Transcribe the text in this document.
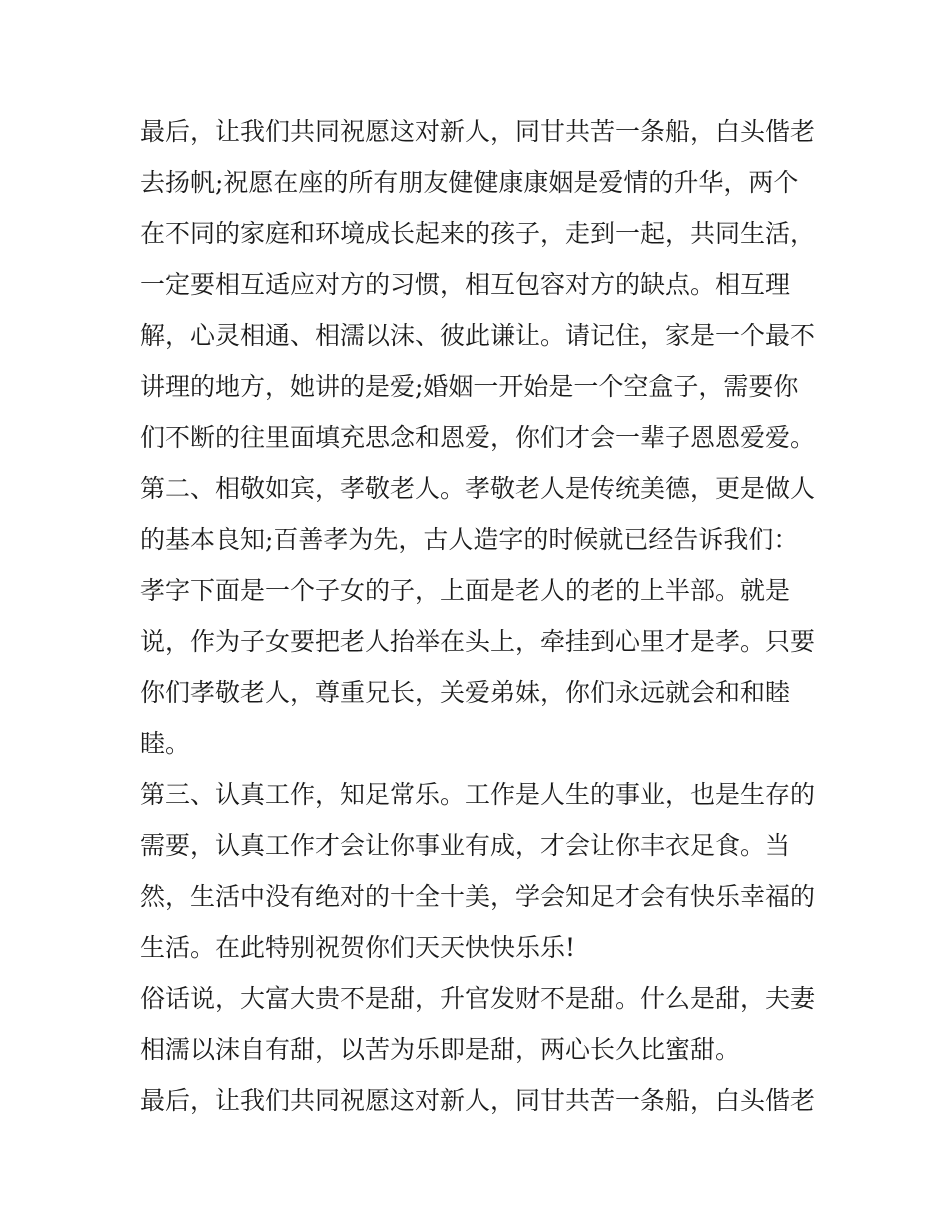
最后，让我们共同祝愿这对新人，同甘共苦一条船，白头偕老
去扬帆;祝愿在座的所有朋友健健康康姻是爱情的升华，两个
在不同的家庭和环境成长起来的孩子，走到一起，共同生活，
一定要相互适应对方的习惯，相互包容对方的缺点。相互理
解，心灵相通、相濡以沫、彼此谦让。请记住，家是一个最不
讲理的地方，她讲的是爱;婚姻一开始是一个空盒子，需要你
们不断的往里面填充思念和恩爱，你们才会一辈子恩恩爱爱。
第二、相敬如宾，孝敬老人。孝敬老人是传统美德，更是做人
的基本良知;百善孝为先，古人造字的时候就已经告诉我们：
孝字下面是一个子女的子，上面是老人的老的上半部。就是
说，作为子女要把老人抬举在头上，牵挂到心里才是孝。只要
你们孝敬老人，尊重兄长，关爱弟妹，你们永远就会和和睦
睦。
第三、认真工作，知足常乐。工作是人生的事业，也是生存的
需要，认真工作才会让你事业有成，才会让你丰衣足食。当
然，生活中没有绝对的十全十美，学会知足才会有快乐幸福的
生活。在此特别祝贺你们天天快快乐乐!
俗话说，大富大贵不是甜，升官发财不是甜。什么是甜，夫妻
相濡以沫自有甜，以苦为乐即是甜，两心长久比蜜甜。
最后，让我们共同祝愿这对新人，同甘共苦一条船，白头偕老
